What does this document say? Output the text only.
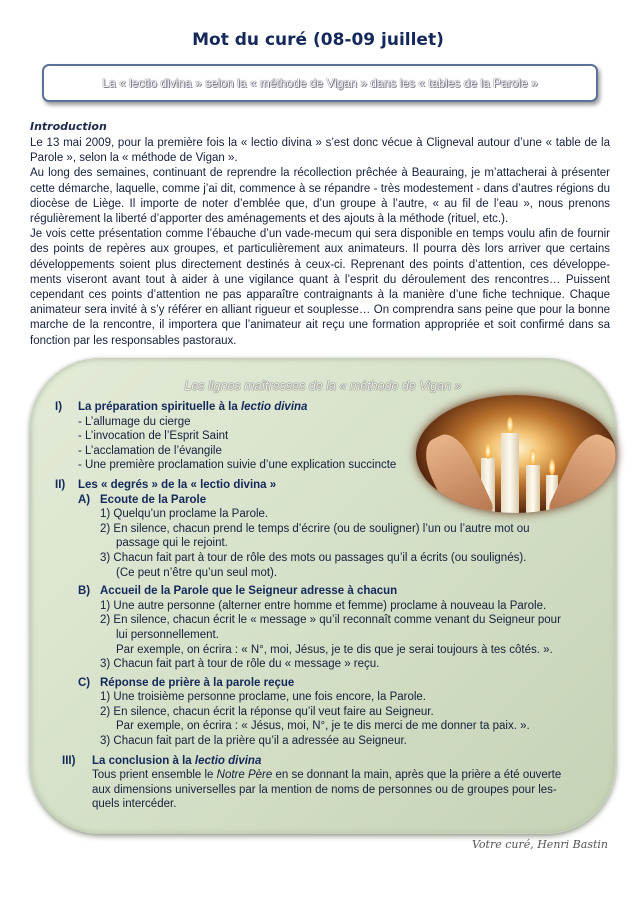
Mot du curé (08-09 juillet)
La « lectio divina » selon la « méthode de Vigan » dans les « tables de la Parole »
Introduction

Le 13 mai 2009, pour la première fois la « lectio divina » s’est donc vécue à Cligneval autour d’une « table de la Parole », selon la « méthode de Vigan ».

Au long des semaines, continuant de reprendre la récollection prêchée à Beauraing, je m’attacherai à présenter cette démarche, laquelle, comme j’ai dit, commence à se répandre - très modestement - dans d’autres régions du diocèse de Liège. Il importe de noter d’emblée que, d’un groupe à l’autre, « au fil de l’eau », nous prenons régulièrement la liberté d’apporter des aménagements et des ajouts à la méthode (rituel, etc.).

Je vois cette présentation comme l’ébauche d’un vade-mecum qui sera disponible en temps voulu afin de fournir des points de repères aux groupes, et particulièrement aux animateurs. Il pourra dès lors arriver que certains développements soient plus directement destinés à ceux-ci. Reprenant des points d’attention, ces développe-ments viseront avant tout à aider à une vigilance quant à l’esprit du déroulement des rencontres… Puissent cependant ces points d’attention ne pas apparaître contraignants à la manière d’une fiche technique. Chaque animateur sera invité à s’y référer en alliant rigueur et souplesse… On comprendra sans peine que pour la bonne marche de la rencontre, il importera que l’animateur ait reçu une formation appropriée et soit confirmé dans sa fonction par les responsables pastoraux.

Les lignes maîtresses de la « méthode de Vigan »
I) La préparation spirituelle à la lectio divina
- L’allumage du cierge
- L’invocation de l’Esprit Saint
- L’acclamation de l’évangile
- Une première proclamation suivie d’une explication succincte
II) Les « degrés » de la « lectio divina »
A) Ecoute de la Parole
1) Quelqu’un proclame la Parole.
2) En silence, chacun prend le temps d’écrire (ou de souligner) l’un ou l’autre mot ou
passage qui le rejoint.
3) Chacun fait part à tour de rôle des mots ou passages qu’il a écrits (ou soulignés).
(Ce peut n’être qu’un seul mot).
B) Accueil de la Parole que le Seigneur adresse à chacun
1) Une autre personne (alterner entre homme et femme) proclame à nouveau la Parole.
2) En silence, chacun écrit le « message » qu’il reconnaît comme venant du Seigneur pour
lui personnellement.
Par exemple, on écrira : « N°, moi, Jésus, je te dis que je serai toujours à tes côtés. ».
3) Chacun fait part à tour de rôle du « message » reçu.
C) Réponse de prière à la parole reçue
1) Une troisième personne proclame, une fois encore, la Parole.
2) En silence, chacun écrit la réponse qu’il veut faire au Seigneur.
Par exemple, on écrira : « Jésus, moi, N°, je te dis merci de me donner ta paix. ».
3) Chacun fait part de la prière qu’il a adressée au Seigneur.
III) La conclusion à la lectio divina
Tous prient ensemble le Notre Père en se donnant la main, après que la prière a été ouverte
aux dimensions universelles par la mention de noms de personnes ou de groupes pour les-
quels intercéder.
Votre curé, Henri Bastin
